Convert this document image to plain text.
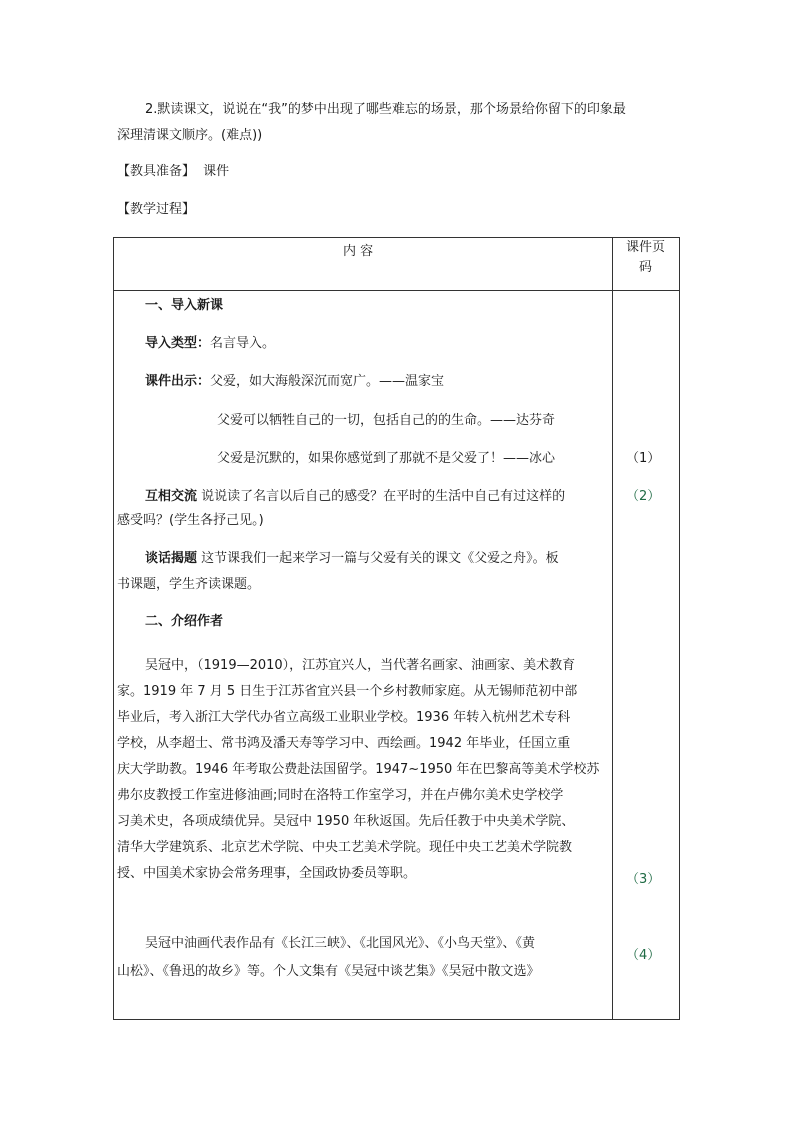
2.默读课文，说说在“我”的梦中出现了哪些难忘的场景，那个场景给你留下的印象最
深理清课文顺序。(难点))
【教具准备】 课件
【教学过程】
内 容	课件页
码
一、导入新课
导入类型：名言导入。
课件出示：父爱，如大海般深沉而宽广。——温家宝
父爱可以牺牲自己的一切，包括自己的的生命。——达芬奇
父爱是沉默的，如果你感觉到了那就不是父爱了！——冰心
互相交流 说说读了名言以后自己的感受？在平时的生活中自己有过这样的
感受吗？(学生各抒己见。)
谈话揭题 这节课我们一起来学习一篇与父爱有关的课文《父爱之舟》。板
书课题，学生齐读课题。
二、介绍作者
吴冠中，（1919—2010），江苏宜兴人，当代著名画家、油画家、美术教育
家。1919 年 7 月 5 日生于江苏省宜兴县一个乡村教师家庭。从无锡师范初中部
毕业后，考入浙江大学代办省立高级工业职业学校。1936 年转入杭州艺术专科
学校，从李超士、常书鸿及潘天寿等学习中、西绘画。1942 年毕业，任国立重
庆大学助教。1946 年考取公费赴法国留学。1947~1950 年在巴黎高等美术学校苏
弗尔皮教授工作室进修油画;同时在洛特工作室学习，并在卢佛尔美术史学校学
习美术史，各项成绩优异。吴冠中 1950 年秋返国。先后任教于中央美术学院、
清华大学建筑系、北京艺术学院、中央工艺美术学院。现任中央工艺美术学院教
授、中国美术家协会常务理事，全国政协委员等职。
吴冠中油画代表作品有《长江三峡》、《北国风光》、《小鸟天堂》、《黄
山松》、《鲁迅的故乡》等。个人文集有《吴冠中谈艺集》《吴冠中散文选》
（1）
（2）
（3）
（4）
